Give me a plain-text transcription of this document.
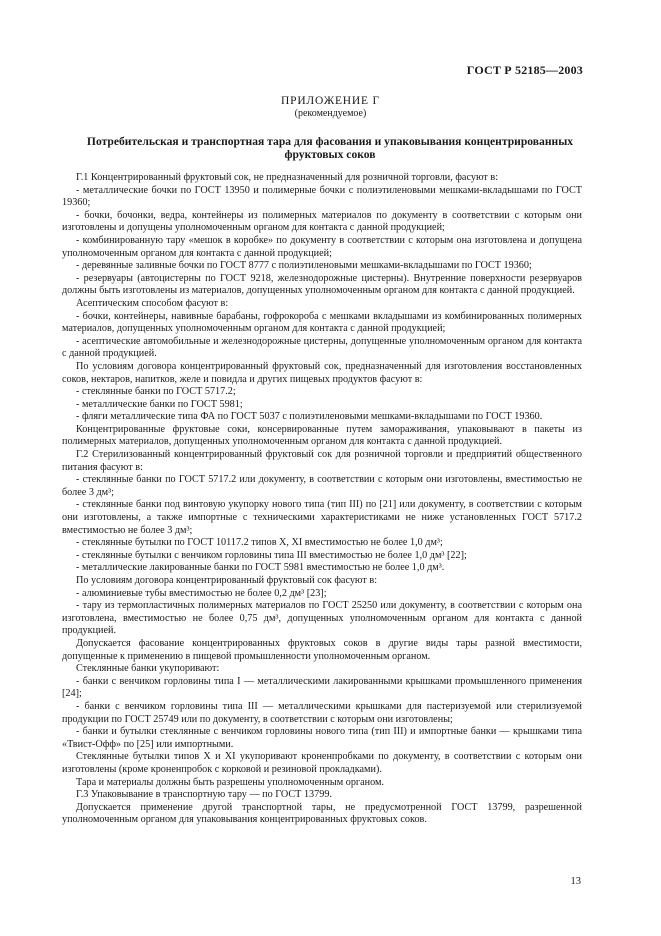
ГОСТ Р 52185—2003
ПРИЛОЖЕНИЕ Г
(рекомендуемое)
Потребительская и транспортная тара для фасования и упаковывания концентрированных фруктовых соков

Г.1 Концентрированный фруктовый сок, не предназначенный для розничной торговли, фасуют в:

- металлические бочки по ГОСТ 13950 и полимерные бочки с полиэтиленовыми мешками-вкладышами по ГОСТ 19360;

- бочки, бочонки, ведра, контейнеры из полимерных материалов по документу в соответствии с которым они изготовлены и допущены уполномоченным органом для контакта с данной продукцией;

- комбинированную тару «мешок в коробке» по документу в соответствии с которым она изготовлена и допущена уполномоченным органом для контакта с данной продукцией;

- деревянные заливные бочки по ГОСТ 8777 с полиэтиленовыми мешками-вкладышами по ГОСТ 19360;

- резервуары (автоцистерны по ГОСТ 9218, железнодорожные цистерны). Внутренние поверхности резервуаров должны быть изготовлены из материалов, допущенных уполномоченным органом для контакта с данной продукцией.

Асептическим способом фасуют в:

- бочки, контейнеры, навивные барабаны, гофрокороба с мешками вкладышами из комбинированных полимерных материалов, допущенных уполномоченным органом для контакта с данной продукцией;

- асептические автомобильные и железнодорожные цистерны, допущенные уполномоченным органом для контакта с данной продукцией.

По условиям договора концентрированный фруктовый сок, предназначенный для изготовления восстановленных соков, нектаров, напитков, желе и повидла и других пищевых продуктов фасуют в:

- стеклянные банки по ГОСТ 5717.2;

- металлические банки по ГОСТ 5981;

- фляги металлические типа ФА по ГОСТ 5037 с полиэтиленовыми мешками-вкладышами по ГОСТ 19360.

Концентрированные фруктовые соки, консервированные путем замораживания, упаковывают в пакеты из полимерных материалов, допущенных уполномоченным органом для контакта с данной продукцией.

Г.2 Стерилизованный концентрированный фруктовый сок для розничной торговли и предприятий общественного питания фасуют в:

- стеклянные банки по ГОСТ 5717.2 или документу, в соответствии с которым они изготовлены, вместимостью не более 3 дм³;

- стеклянные банки под винтовую укупорку нового типа (тип III) по [21] или документу, в соответствии с которым они изготовлены, а также импортные с техническими характеристиками не ниже установленных ГОСТ 5717.2 вместимостью не более 3 дм³;

- стеклянные бутылки по ГОСТ 10117.2 типов X, XI вместимостью не более 1,0 дм³;

- стеклянные бутылки с венчиком горловины типа III вместимостью не более 1,0 дм³ [22];

- металлические лакированные банки по ГОСТ 5981 вместимостью не более 1,0 дм³.

По условиям договора концентрированный фруктовый сок фасуют в:

- алюминиевые тубы вместимостью не более 0,2 дм³ [23];

- тару из термопластичных полимерных материалов по ГОСТ 25250 или документу, в соответствии с которым она изготовлена, вместимостью не более 0,75 дм³, допущенных уполномоченным органом для контакта с данной продукцией.

Допускается фасование концентрированных фруктовых соков в другие виды тары разной вместимости, допущенные к применению в пищевой промышленности уполномоченным органом.

Стеклянные банки укупоривают:

- банки с венчиком горловины типа I — металлическими лакированными крышками промышленного применения [24];

- банки с венчиком горловины типа III — металлическими крышками для пастеризуемой или стерилизуемой продукции по ГОСТ 25749 или по документу, в соответствии с которым они изготовлены;

- банки и бутылки стеклянные с венчиком горловины нового типа (тип III) и импортные банки — крышками типа «Твист-Офф» по [25] или импортными.

Стеклянные бутылки типов X и XI укупоривают кроненпробками по документу, в соответствии с которым они изготовлены (кроме кроненпробок с корковой и резиновой прокладками).

Тара и материалы должны быть разрешены уполномоченным органом.

Г.3 Упаковывание в транспортную тару — по ГОСТ 13799.

Допускается применение другой транспортной тары, не предусмотренной ГОСТ 13799, разрешенной уполномоченным органом для упаковывания концентрированных фруктовых соков.

13
